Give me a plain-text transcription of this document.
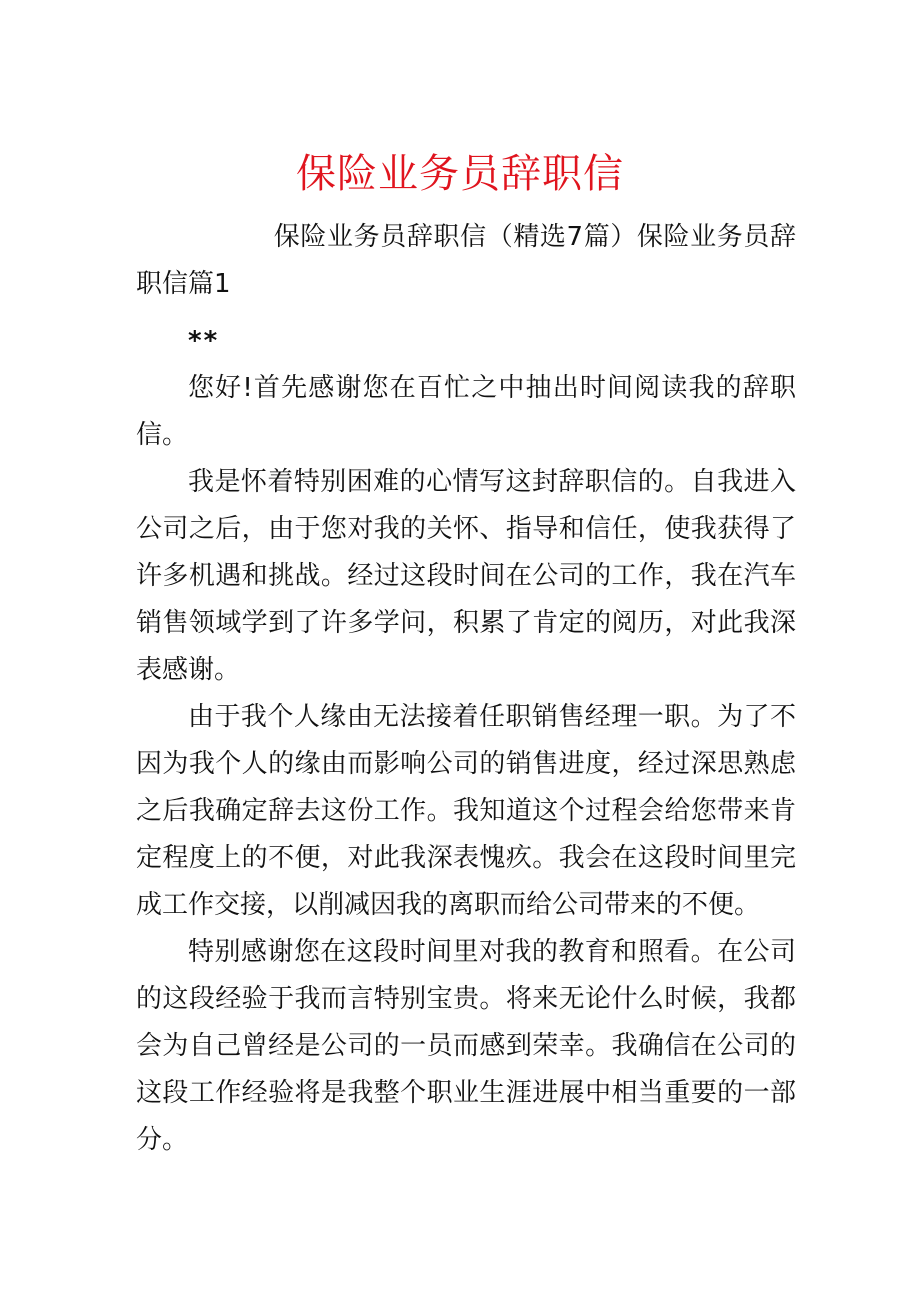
保险业务员辞职信

保险业务员辞职信（精选7篇）保险业务员辞职信篇1

**

您好!首先感谢您在百忙之中抽出时间阅读我的辞职信。

我是怀着特别困难的心情写这封辞职信的。自我进入公司之后，由于您对我的关怀、指导和信任，使我获得了许多机遇和挑战。经过这段时间在公司的工作，我在汽车销售领域学到了许多学问，积累了肯定的阅历，对此我深表感谢。

由于我个人缘由无法接着任职销售经理一职。为了不因为我个人的缘由而影响公司的销售进度，经过深思熟虑之后我确定辞去这份工作。我知道这个过程会给您带来肯定程度上的不便，对此我深表愧疚。我会在这段时间里完成工作交接，以削减因我的离职而给公司带来的不便。

特别感谢您在这段时间里对我的教育和照看。在公司的这段经验于我而言特别宝贵。将来无论什么时候，我都会为自己曾经是公司的一员而感到荣幸。我确信在公司的这段工作经验将是我整个职业生涯进展中相当重要的一部分。
